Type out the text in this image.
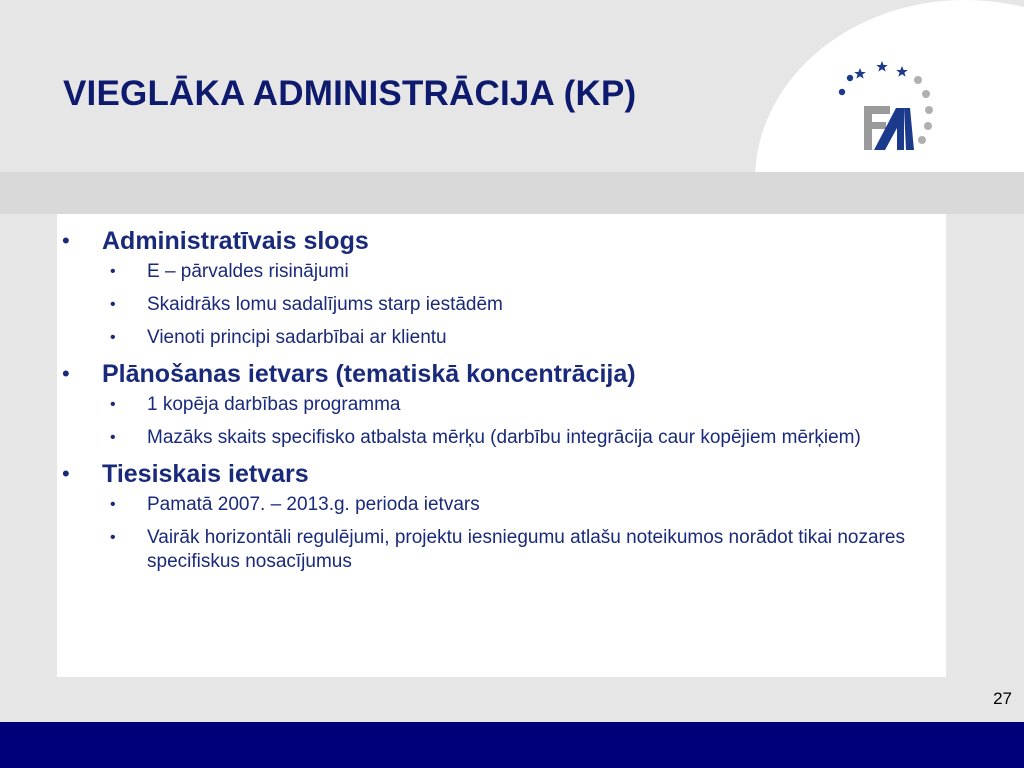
VIEGLĀKA ADMINISTRĀCIJA (KP)
• Administratīvais slogs
• E – pārvaldes risinājumi
• Skaidrāks lomu sadalījums starp iestādēm
• Vienoti principi sadarbībai ar klientu
• Plānošanas ietvars (tematiskā koncentrācija)
• 1 kopēja darbības programma
• Mazāks skaits specifisko atbalsta mērķu (darbību integrācija caur kopējiem mērķiem)
• Tiesiskais ietvars
• Pamatā 2007. – 2013.g. perioda ietvars
• Vairāk horizontāli regulējumi, projektu iesniegumu atlašu noteikumos norādot tikai nozares specifiskus nosacījumus
27
